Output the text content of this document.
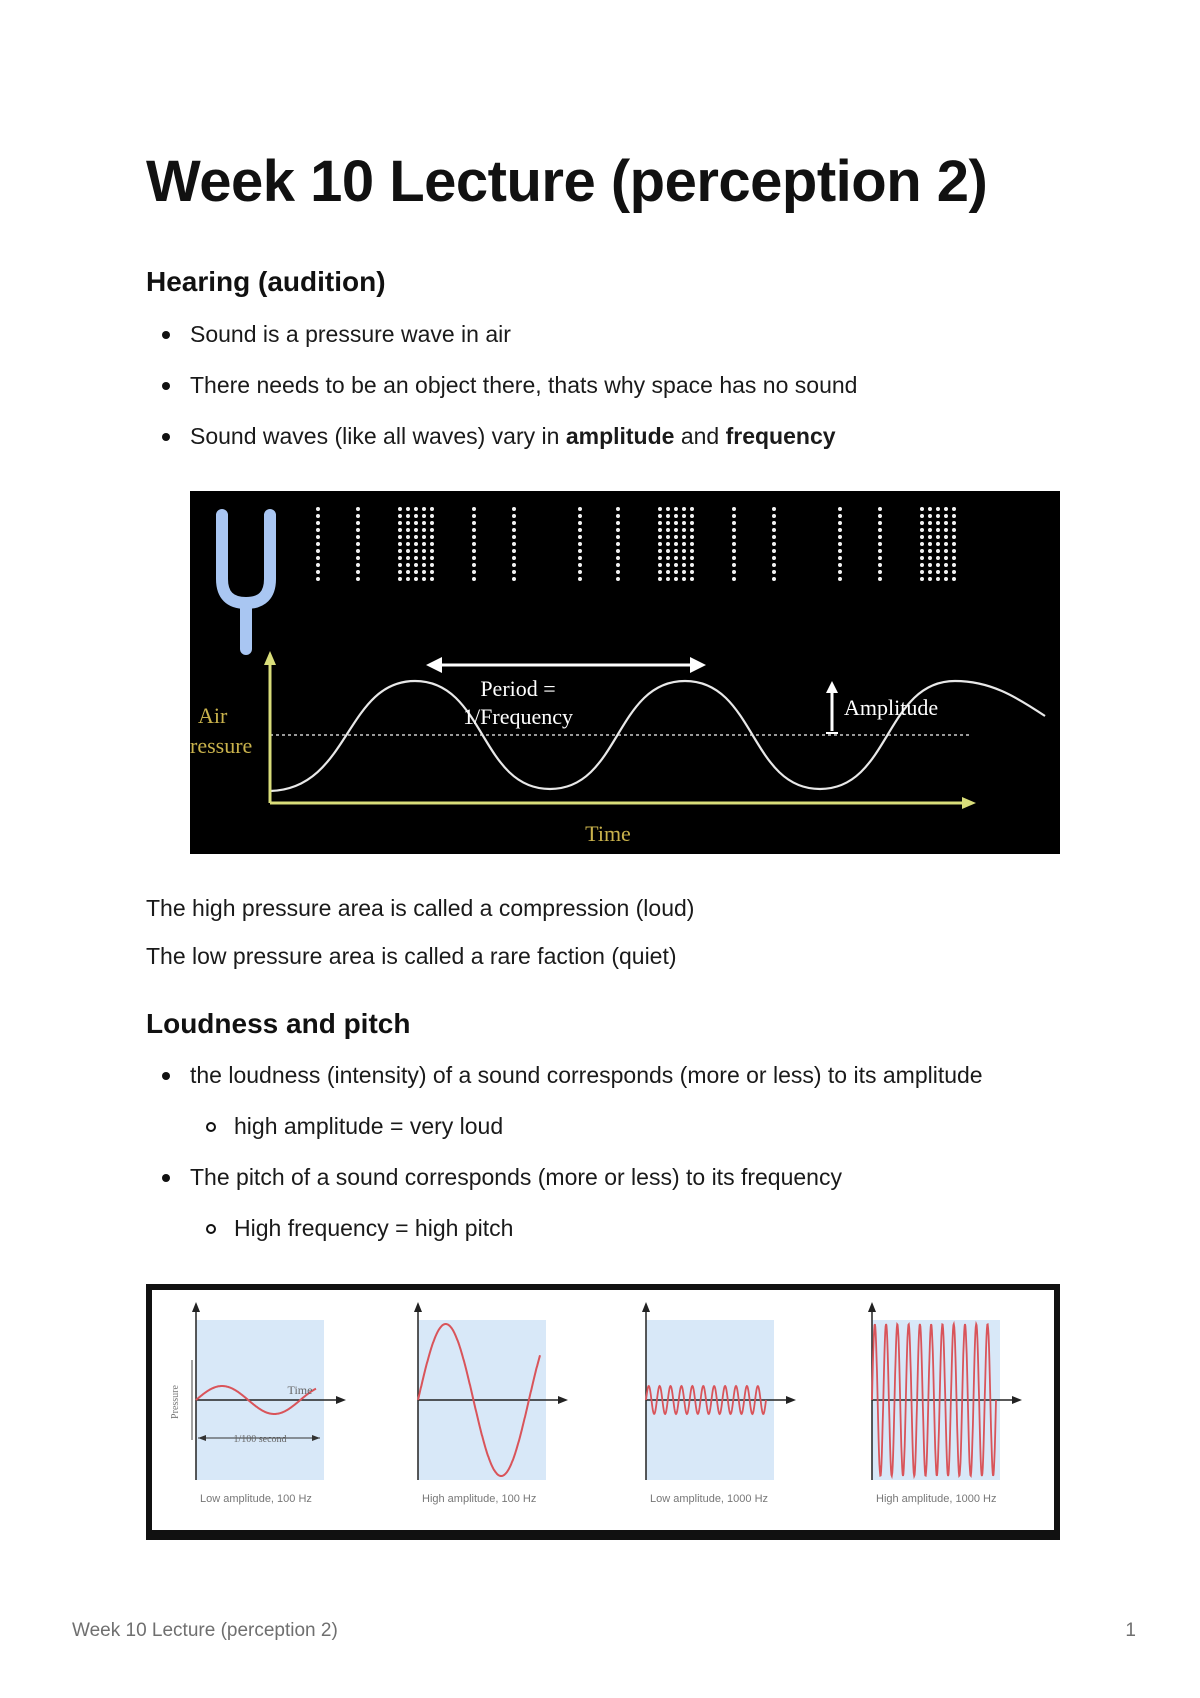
Week 10 Lecture (perception 2)
Hearing (audition)
Sound is a pressure wave in air
There needs to be an object there, thats why space has no sound
Sound waves (like all waves) vary in amplitude and frequency
Period =
1/Frequency	Amplitude
Air
ressure
Time

The high pressure area is called a compression (loud)

The low pressure area is called a rare faction (quiet)

Loudness and pitch
the loudness (intensity) of a sound corresponds (more or less) to its amplitude
high amplitude = very loud
The pitch of a sound corresponds (more or less) to its frequency
High frequency = high pitch
Pressure	Time
1/100 second
Low amplitude, 100 Hz	High amplitude, 100 Hz	Low amplitude, 1000 Hz	High amplitude, 1000 Hz
Week 10 Lecture (perception 2)	1
